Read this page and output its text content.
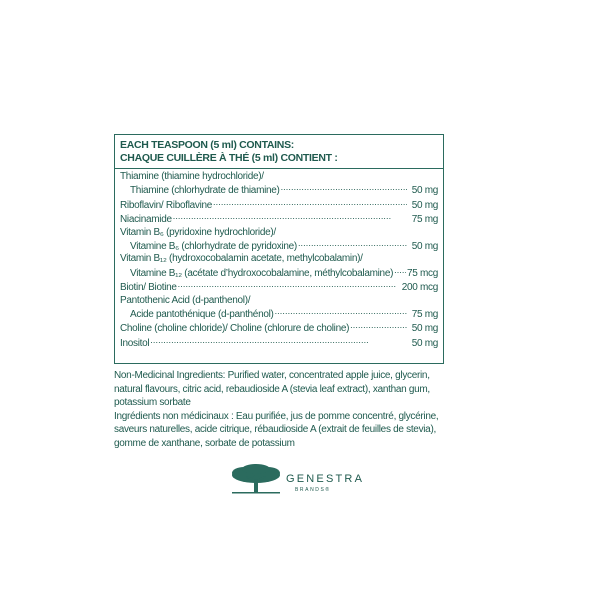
EACH TEASPOON (5 ml) CONTAINS:
CHAQUE CUILLÈRE À THÉ (5 ml) CONTIENT :
Thiamine (thiamine hydrochloride)/
Thiamine (chlorhydrate de thiamine) . . .	50 mg
Riboflavin/ Riboflavine . . .	50 mg
Niacinamide . . .	75 mg
Vitamin B₆ (pyridoxine hydrochloride)/
Vitamine B₆ (chlorhydrate de pyridoxine) . . .	50 mg
Vitamin B₁₂ (hydroxocobalamin acetate, methylcobalamin)/
Vitamine B₁₂ (acétate d’hydroxocobalamine, méthylcobalamine) . . . 75 mcg
Biotin/ Biotine . . .	200 mcg
Pantothenic Acid (d-panthenol)/
Acide pantothénique (d-panthénol) . . .	75 mg
Choline (choline chloride)/ Choline (chlorure de choline) . . .	50 mg
Inositol . . .	50 mg

Non-Medicinal Ingredients: Purified water, concentrated apple juice, glycerin, natural flavours, citric acid, rebaudioside A (stevia leaf extract), xanthan gum, potassium sorbate

Ingrédients non médicinaux : Eau purifiée, jus de pomme concentré, glycérine, saveurs naturelles, acide citrique, rébaudioside A (extrait de feuilles de stevia), gomme de xanthane, sorbate de potassium

GENESTRA
BRANDS®
